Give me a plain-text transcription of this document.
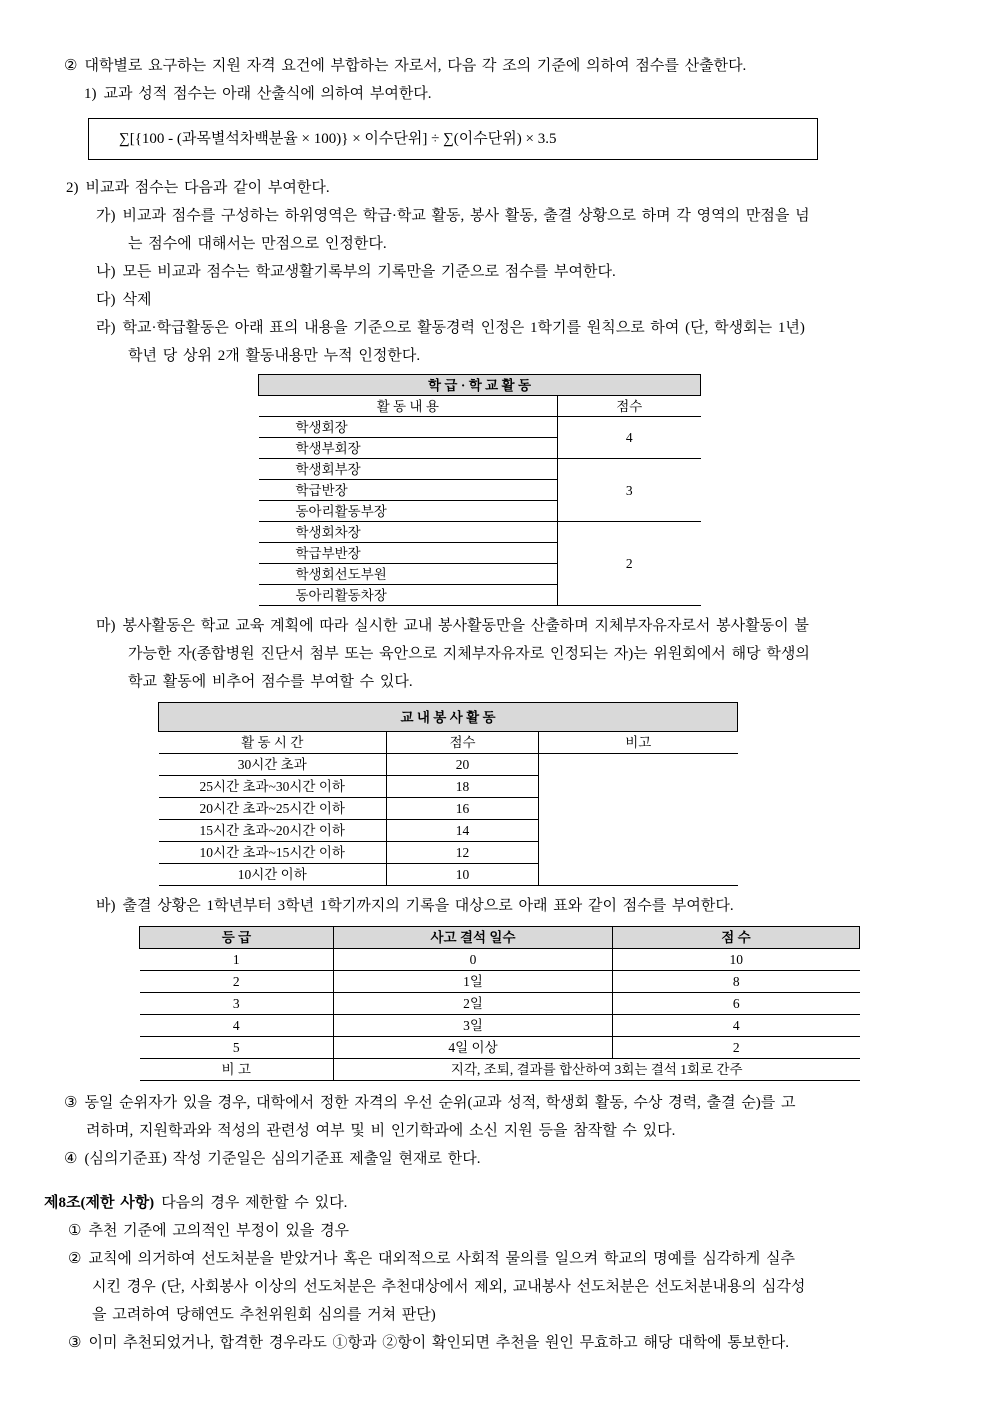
② 대학별로 요구하는 지원 자격 요건에 부합하는 자로서, 다음 각 조의 기준에 의하여 점수를 산출한다.
1) 교과 성적 점수는 아래 산출식에 의하여 부여한다.
∑[{100 - (과목별석차백분율 × 100)} × 이수단위] ÷ ∑(이수단위) × 3.5
2) 비교과 점수는 다음과 같이 부여한다.
가) 비교과 점수를 구성하는 하위영역은 학급·학교 활동, 봉사 활동, 출결 상황으로 하며 각 영역의 만점을 넘
는 점수에 대해서는 만점으로 인정한다.
나) 모든 비교과 점수는 학교생활기록부의 기록만을 기준으로 점수를 부여한다.
다) 삭제
라) 학교·학급활동은 아래 표의 내용을 기준으로 활동경력 인정은 1학기를 원칙으로 하여 (단, 학생회는 1년)
학년 당 상위 2개 활동내용만 누적 인정한다.
학 급 · 학 교 활 동	
활 동 내 용	점수
학생회장	4
학생부회장	
학생회부장	3
학급반장	
동아리활동부장	
학생회차장	2
학급부반장	
학생회선도부원	
동아리활동차장	
마) 봉사활동은 학교 교육 계획에 따라 실시한 교내 봉사활동만을 산출하며 지체부자유자로서 봉사활동이 불
가능한 자(종합병원 진단서 첨부 또는 육안으로 지체부자유자로 인정되는 자)는 위원회에서 해당 학생의
학교 활동에 비추어 점수를 부여할 수 있다.
교 내 봉 사 활 동		
활 동 시 간	점수	비고
30시간 초과	20	
25시간 초과~30시간 이하	18	
20시간 초과~25시간 이하	16	
15시간 초과~20시간 이하	14	
10시간 초과~15시간 이하	12	
10시간 이하	10	
바) 출결 상황은 1학년부터 3학년 1학기까지의 기록을 대상으로 아래 표와 같이 점수를 부여한다.
등 급	사고 결석 일수	점 수
1	0	10
2	1일	8
3	2일	6
4	3일	4
5	4일 이상	2
비 고	지각, 조퇴, 결과를 합산하여 3회는 결석 1회로 간주	
③ 동일 순위자가 있을 경우, 대학에서 정한 자격의 우선 순위(교과 성적, 학생회 활동, 수상 경력, 출결 순)를 고
려하며, 지원학과와 적성의 관련성 여부 및 비 인기학과에 소신 지원 등을 참작할 수 있다.
④ (심의기준표) 작성 기준일은 심의기준표 제출일 현재로 한다.
제8조(제한 사항) 다음의 경우 제한할 수 있다.
① 추천 기준에 고의적인 부정이 있을 경우
② 교칙에 의거하여 선도처분을 받았거나 혹은 대외적으로 사회적 물의를 일으켜 학교의 명예를 심각하게 실추
시킨 경우 (단, 사회봉사 이상의 선도처분은 추천대상에서 제외, 교내봉사 선도처분은 선도처분내용의 심각성
을 고려하여 당해연도 추천위원회 심의를 거쳐 판단)
③ 이미 추천되었거나, 합격한 경우라도 ①항과 ②항이 확인되면 추천을 원인 무효하고 해당 대학에 통보한다.
